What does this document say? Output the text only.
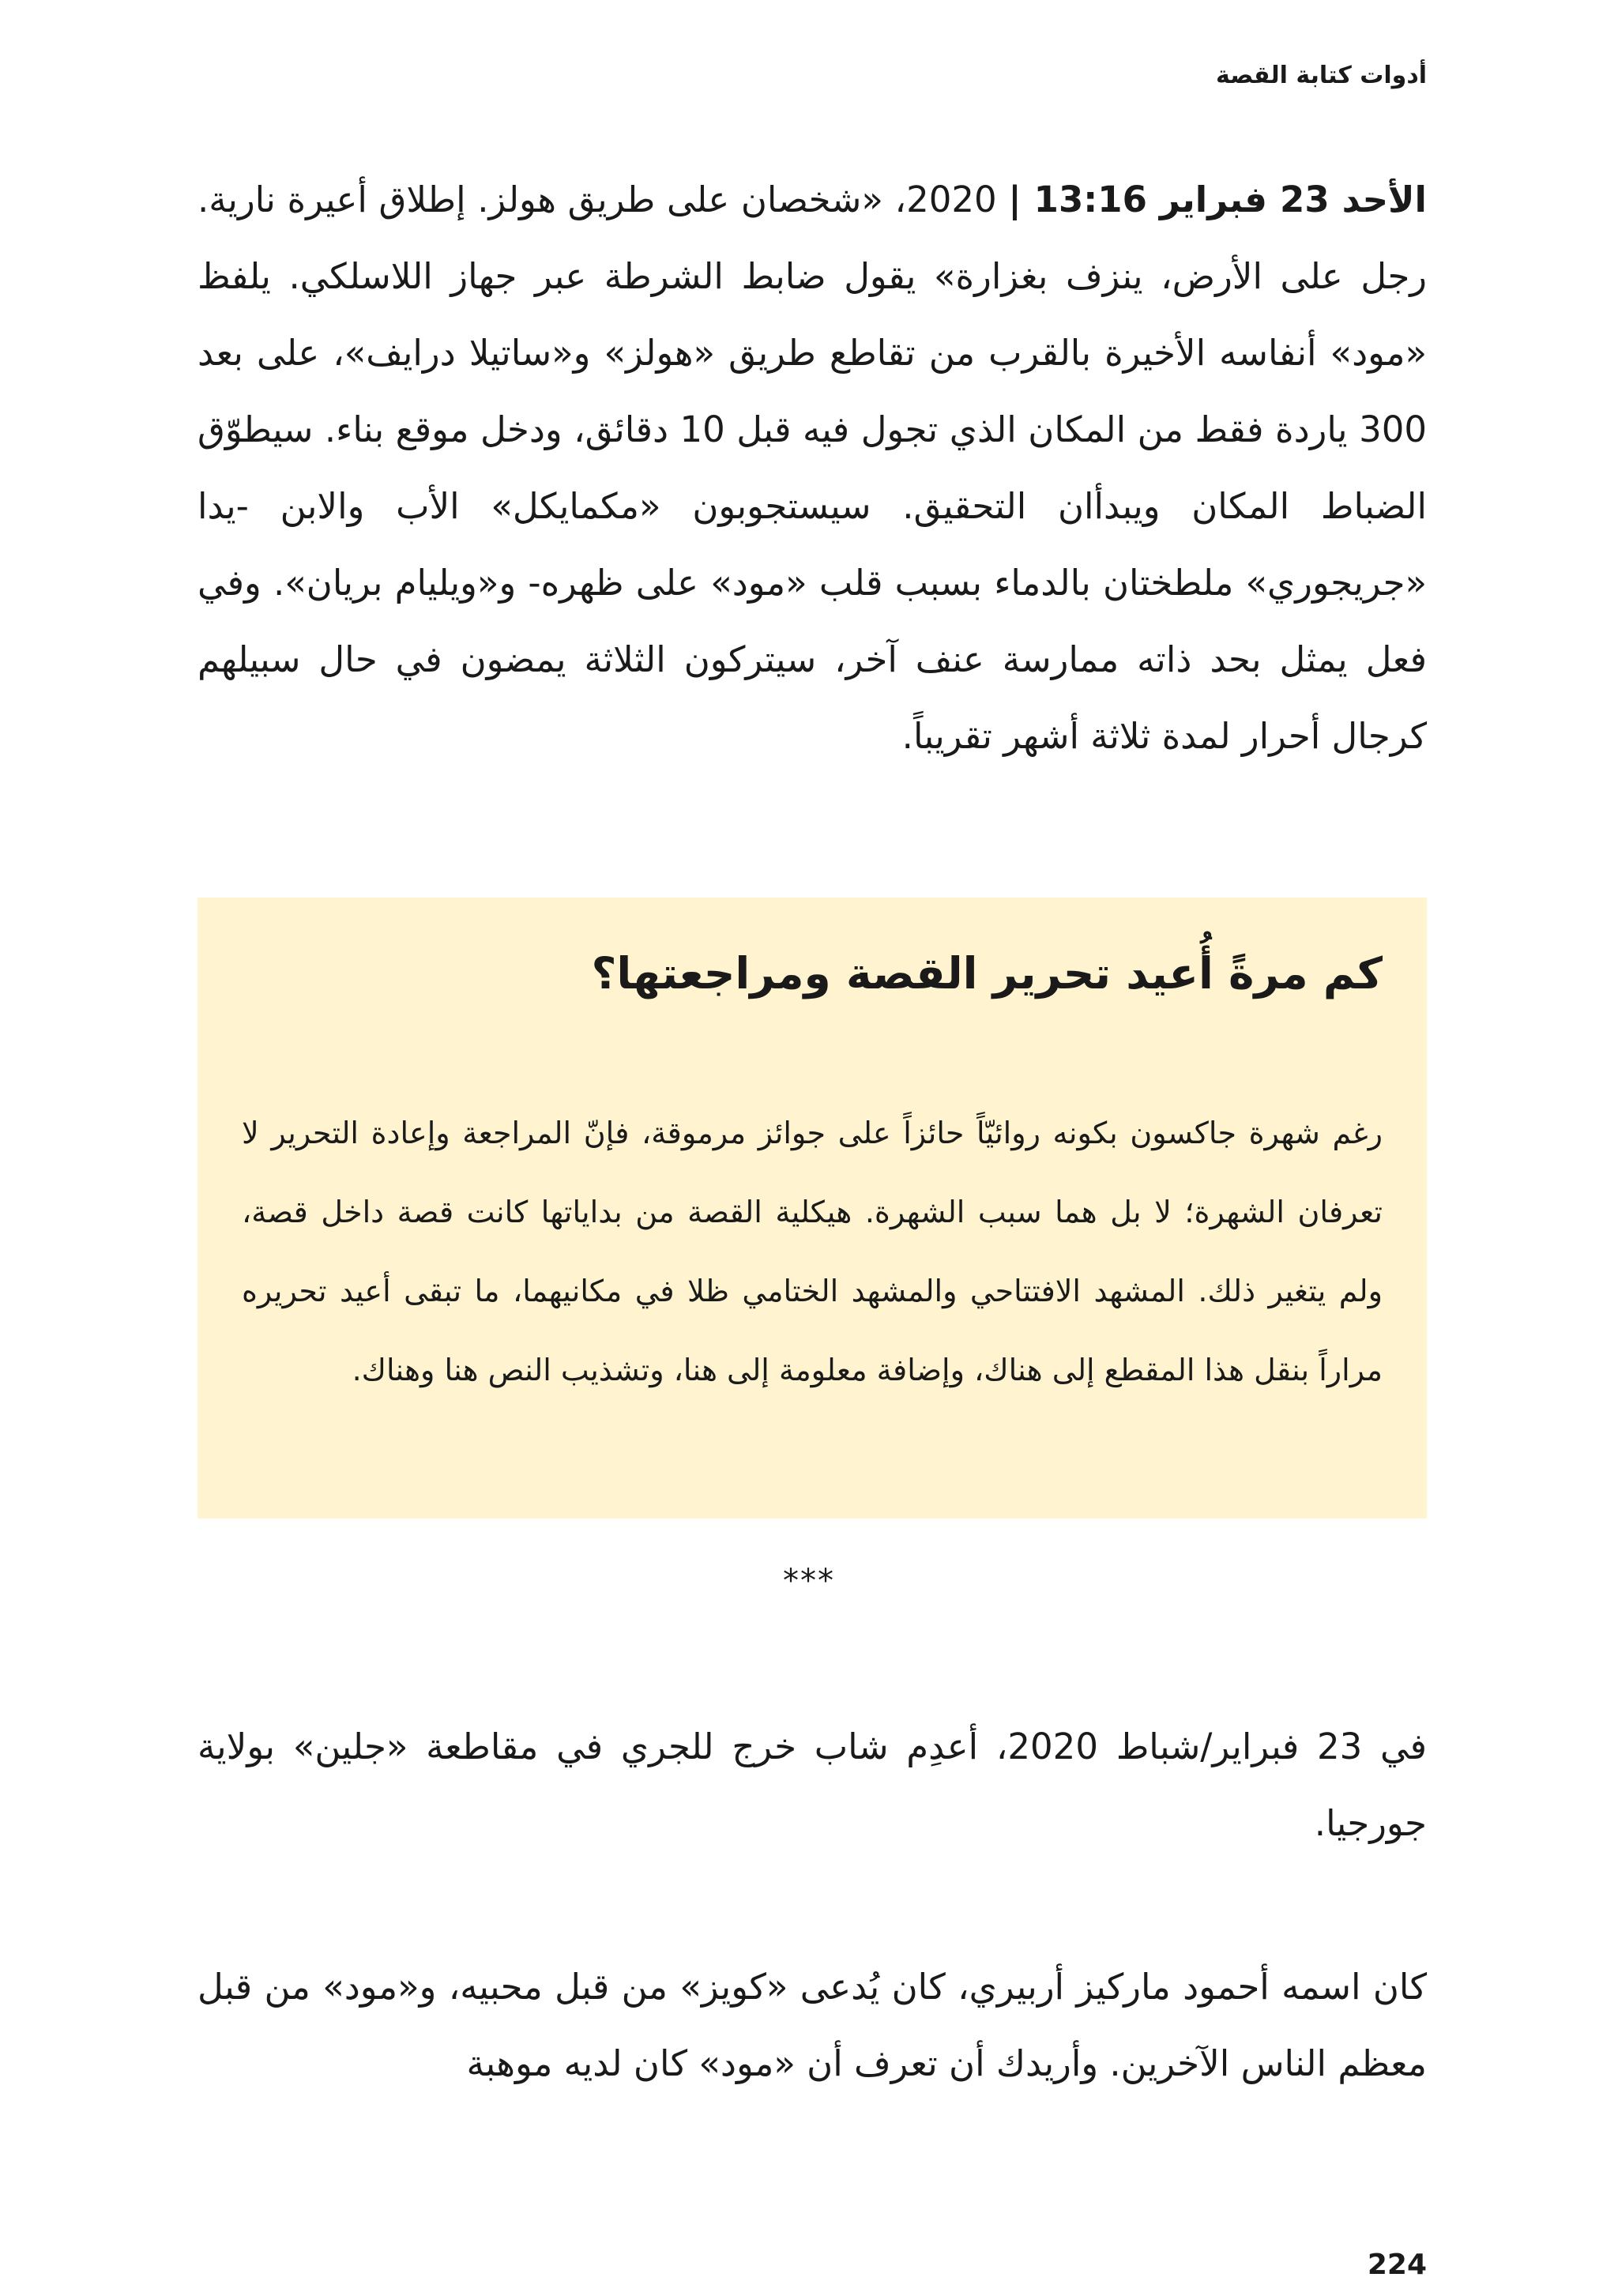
أدوات كتابة القصة
الأحد 23 فبراير 13:16 | 2020، «شخصان على طريق هولز. إطلاق أعيرة نارية. رجل على الأرض، ينزف بغزارة» يقول ضابط الشرطة عبر جهاز اللاسلكي. يلفظ «مود» أنفاسه الأخيرة بالقرب من تقاطع طريق «هولز» و«ساتيلا درايف»، على بعد 300 ياردة فقط من المكان الذي تجول فيه قبل 10 دقائق، ودخل موقع بناء. سيطوّق الضباط المكان ويبدأان التحقيق. سيستجوبون «مكمايكل» الأب والابن -يدا «جريجوري» ملطختان بالدماء بسبب قلب «مود» على ظهره- و«ويليام بريان». وفي فعل يمثل بحد ذاته ممارسة عنف آخر، سيتركون الثلاثة يمضون في حال سبيلهم كرجال أحرار لمدة ثلاثة أشهر تقريباً.
كم مرةً أُعيد تحرير القصة ومراجعتها؟

رغم شهرة جاكسون بكونه روائيّاً حائزاً على جوائز مرموقة، فإنّ المراجعة وإعادة التحرير لا تعرفان الشهرة؛ لا بل هما سبب الشهرة. هيكلية القصة من بداياتها كانت قصة داخل قصة، ولم يتغير ذلك. المشهد الافتتاحي والمشهد الختامي ظلا في مكانيهما، ما تبقى أعيد تحريره مراراً بنقل هذا المقطع إلى هناك، وإضافة معلومة إلى هنا، وتشذيب النص هنا وهناك.

***
في 23 فبراير/شباط 2020، أعدِم شاب خرج للجري في مقاطعة «جلين» بولاية جورجيا.
كان اسمه أحمود ماركيز أربيري، كان يُدعى «كويز» من قبل محبيه، و«مود» من قبل معظم الناس الآخرين. وأريدك أن تعرف أن «مود» كان لديه موهبة
224
